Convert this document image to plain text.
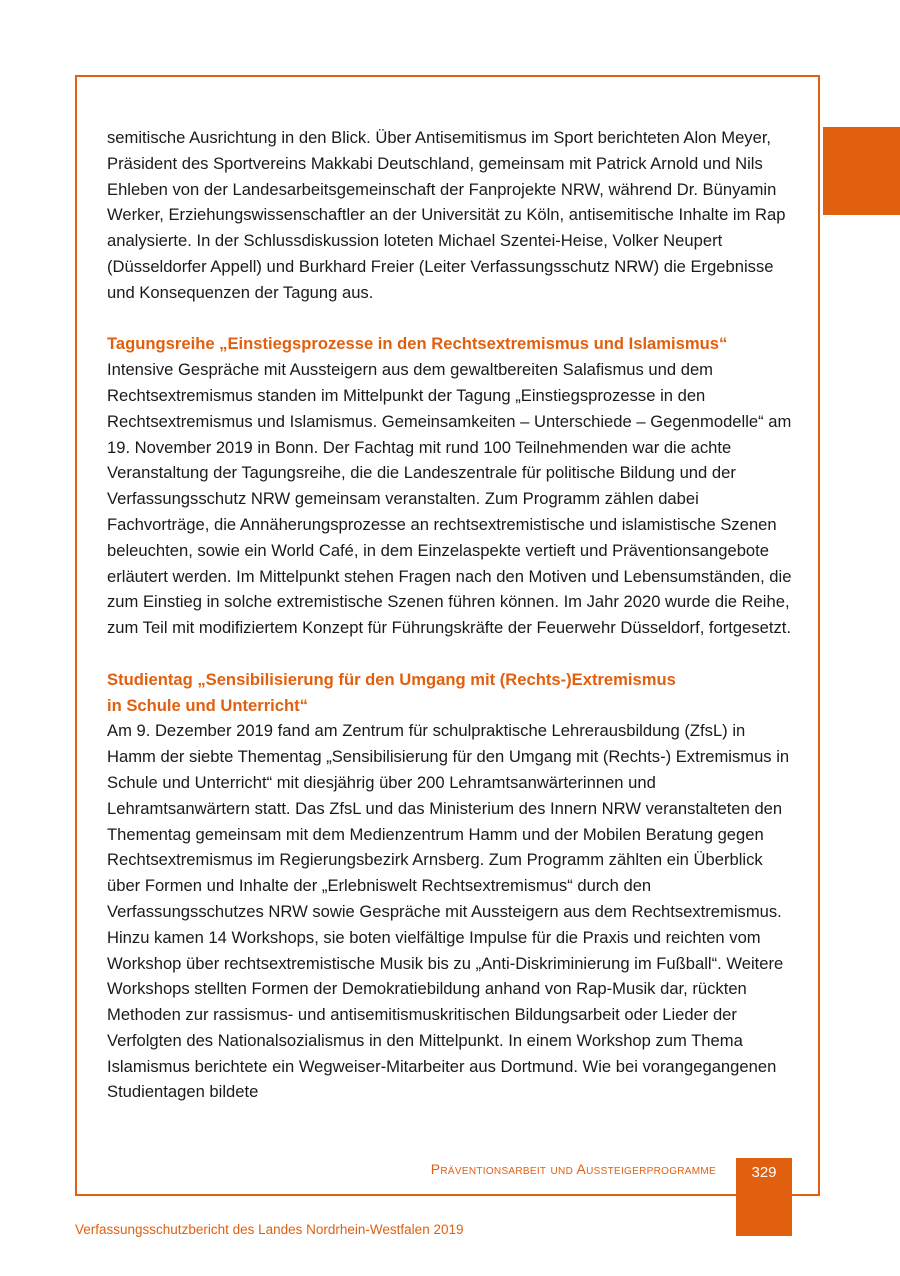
semitische Ausrichtung in den Blick. Über Antisemitismus im Sport berichteten Alon Meyer, Präsident des Sportvereins Makkabi Deutschland, gemeinsam mit Patrick Arnold und Nils Ehleben von der Landesarbeitsgemeinschaft der Fanprojekte NRW, während Dr. Bünyamin Werker, Erziehungswissenschaftler an der Universität zu Köln, antisemitische Inhalte im Rap analysierte. In der Schlussdiskussion loteten Michael Szentei-Heise, Volker Neupert (Düsseldorfer Appell) und Burkhard Freier (Leiter Verfassungsschutz NRW) die Ergebnisse und Konsequenzen der Tagung aus.

Tagungsreihe „Einstiegsprozesse in den Rechtsextremismus und Islamismus“

Intensive Gespräche mit Aussteigern aus dem gewaltbereiten Salafismus und dem Rechtsextremismus standen im Mittelpunkt der Tagung „Einstiegsprozesse in den Rechtsextremismus und Islamismus. Gemeinsamkeiten – Unterschiede – Gegenmodelle“ am 19. November 2019 in Bonn. Der Fachtag mit rund 100 Teilnehmenden war die achte Veranstaltung der Tagungsreihe, die die Landeszentrale für politische Bildung und der Verfassungsschutz NRW gemeinsam veranstalten. Zum Programm zählen dabei Fachvorträge, die Annäherungsprozesse an rechtsextremistische und islamistische Szenen beleuchten, sowie ein World Café, in dem Einzelaspekte vertieft und Präventionsangebote erläutert werden. Im Mittelpunkt stehen Fragen nach den Motiven und Lebensumständen, die zum Einstieg in solche extremistische Szenen führen können. Im Jahr 2020 wurde die Reihe, zum Teil mit modifiziertem Konzept für Führungskräfte der Feuerwehr Düsseldorf, fortgesetzt.

Studientag „Sensibilisierung für den Umgang mit (Rechts-)Extremismus
in Schule und Unterricht“

Am 9. Dezember 2019 fand am Zentrum für schulpraktische Lehrerausbildung (ZfsL) in Hamm der siebte Thementag „Sensibilisierung für den Umgang mit (Rechts-) Extremismus in Schule und Unterricht“ mit diesjährig über 200 Lehramtsanwärterinnen und Lehramtsanwärtern statt. Das ZfsL und das Ministerium des Innern NRW veranstalteten den Thementag gemeinsam mit dem Medienzentrum Hamm und der Mobilen Beratung gegen Rechtsextremismus im Regierungsbezirk Arnsberg. Zum Programm zählten ein Überblick über Formen und Inhalte der „Erlebniswelt Rechtsextremismus“ durch den Verfassungsschutzes NRW sowie Gespräche mit Aussteigern aus dem Rechtsextremismus. Hinzu kamen 14 Workshops, sie boten vielfältige Impulse für die Praxis und reichten vom Workshop über rechtsextremistische Musik bis zu „Anti-Diskriminierung im Fußball“. Weitere Workshops stellten Formen der Demokratiebildung anhand von Rap-Musik dar, rückten Methoden zur rassismus- und antisemitismuskritischen Bildungsarbeit oder Lieder der Verfolgten des Nationalsozialismus in den Mittelpunkt. In einem Workshop zum Thema Islamismus berichtete ein Wegweiser-Mitarbeiter aus Dortmund. Wie bei vorangegangenen Studientagen bildete

Präventionsarbeit und Aussteigerprogramme	329
Verfassungsschutzbericht des Landes Nordrhein-Westfalen 2019
